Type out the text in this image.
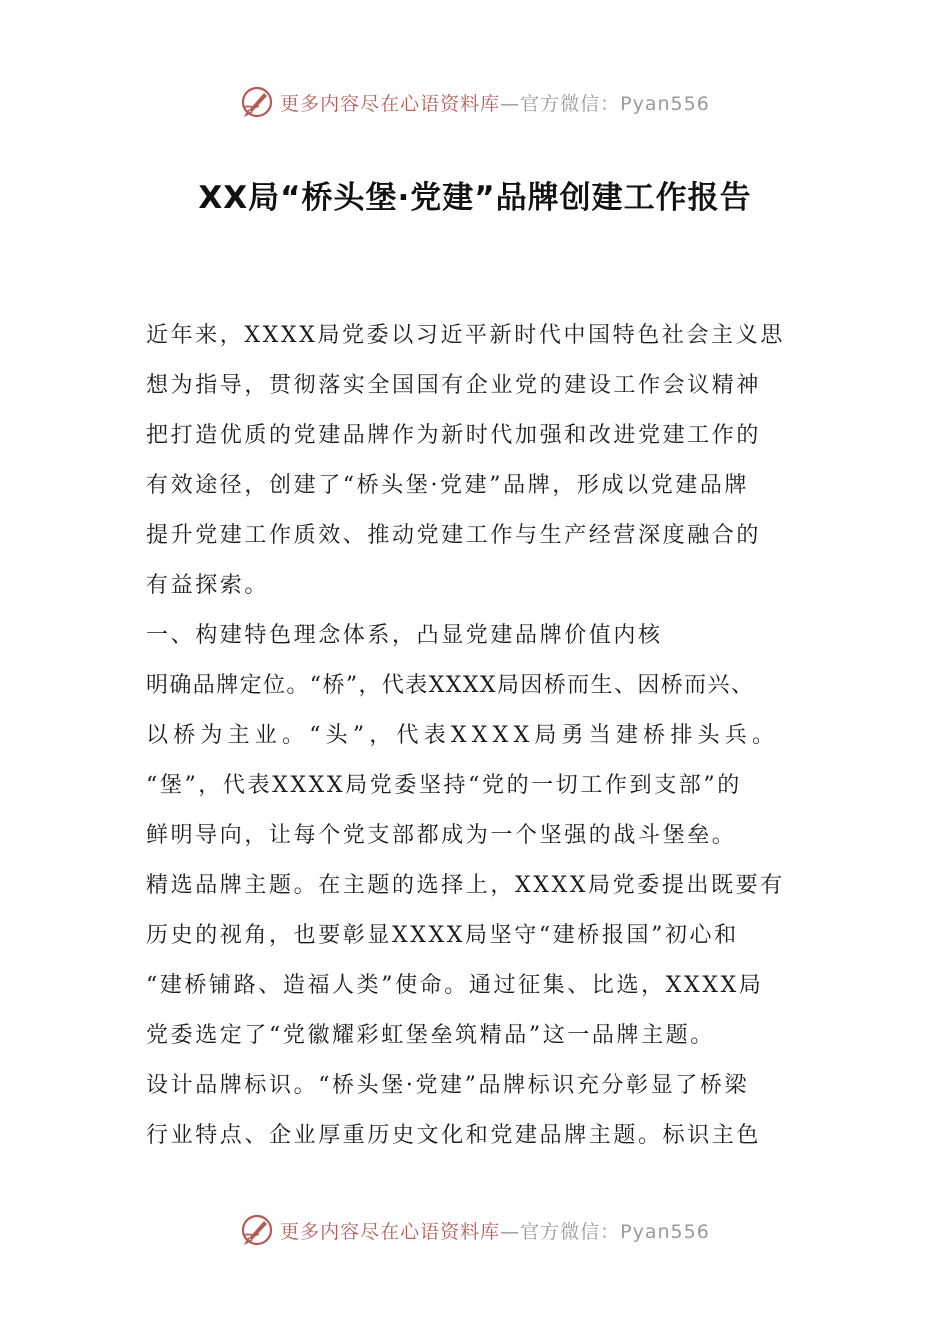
更多内容尽在心语资料库—官方微信：Pyan556
XX局“桥头堡·党建”品牌创建工作报告
近年来，XXXX局党委以习近平新时代中国特色社会主义思
想为指导，贯彻落实全国国有企业党的建设工作会议精神
把打造优质的党建品牌作为新时代加强和改进党建工作的
有效途径，创建了“桥头堡·党建”品牌，形成以党建品牌
提升党建工作质效、推动党建工作与生产经营深度融合的
有益探索。
一、构建特色理念体系，凸显党建品牌价值内核
明确品牌定位。“桥”，代表XXXX局因桥而生、因桥而兴、
以桥为主业。“头”，代表XXXX局勇当建桥排头兵。
“堡”，代表XXXX局党委坚持“党的一切工作到支部”的
鲜明导向，让每个党支部都成为一个坚强的战斗堡垒。
精选品牌主题。在主题的选择上，XXXX局党委提出既要有
历史的视角，也要彰显XXXX局坚守“建桥报国”初心和
“建桥铺路、造福人类”使命。通过征集、比选，XXXX局
党委选定了“党徽耀彩虹堡垒筑精品”这一品牌主题。
设计品牌标识。“桥头堡·党建”品牌标识充分彰显了桥梁
行业特点、企业厚重历史文化和党建品牌主题。标识主色
更多内容尽在心语资料库—官方微信：Pyan556
